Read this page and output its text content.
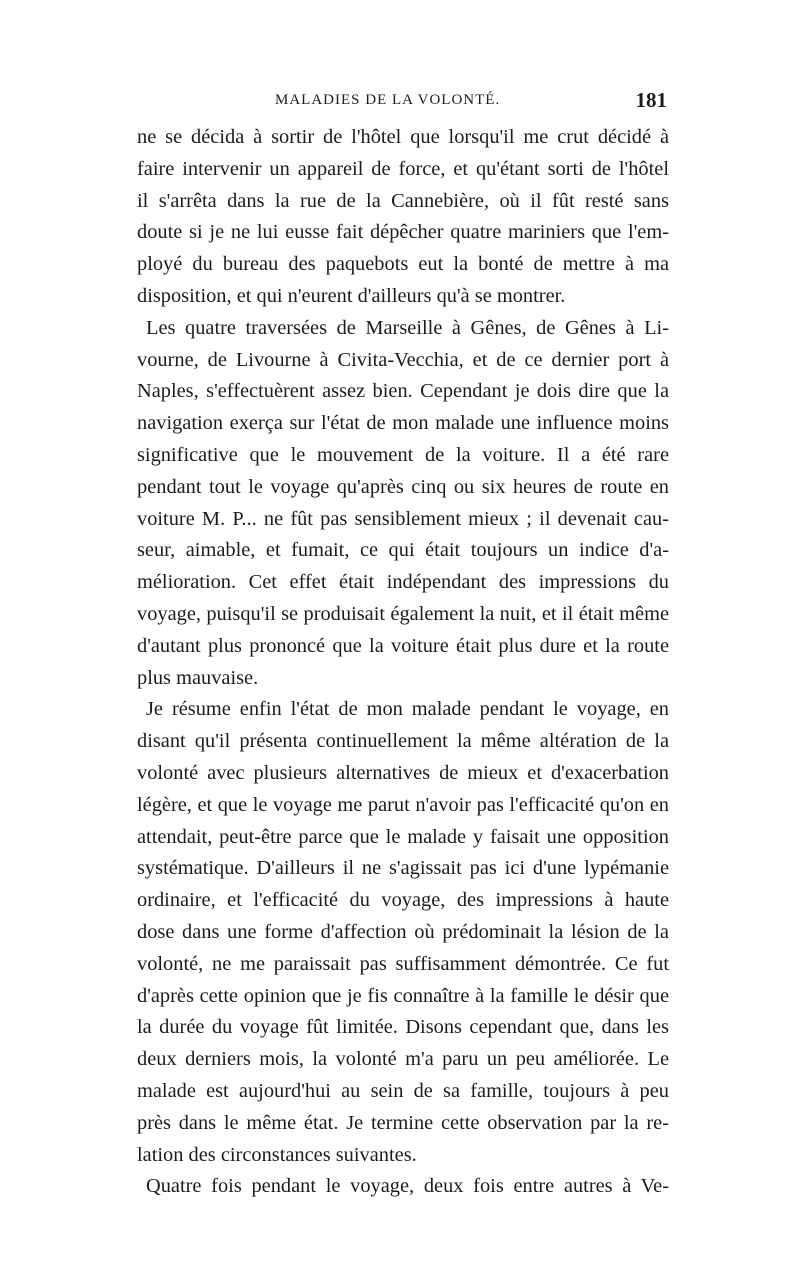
MALADIES DE LA VOLONTÉ.	181
ne se décida à sortir de l'hôtel que lorsqu'il me crut décidé à
faire intervenir un appareil de force, et qu'étant sorti de l'hôtel
il s'arrêta dans la rue de la Cannebière, où il fût resté sans
doute si je ne lui eusse fait dépêcher quatre mariniers que l'em-
ployé du bureau des paquebots eut la bonté de mettre à ma
disposition, et qui n'eurent d'ailleurs qu'à se montrer.
Les quatre traversées de Marseille à Gênes, de Gênes à Li-
vourne, de Livourne à Civita-Vecchia, et de ce dernier port à
Naples, s'effectuèrent assez bien. Cependant je dois dire que la
navigation exerça sur l'état de mon malade une influence moins
significative que le mouvement de la voiture. Il a été rare
pendant tout le voyage qu'après cinq ou six heures de route en
voiture M. P... ne fût pas sensiblement mieux ; il devenait cau-
seur, aimable, et fumait, ce qui était toujours un indice d'a-
mélioration. Cet effet était indépendant des impressions du
voyage, puisqu'il se produisait également la nuit, et il était même
d'autant plus prononcé que la voiture était plus dure et la route
plus mauvaise.
Je résume enfin l'état de mon malade pendant le voyage, en
disant qu'il présenta continuellement la même altération de la
volonté avec plusieurs alternatives de mieux et d'exacerbation
légère, et que le voyage me parut n'avoir pas l'efficacité qu'on en
attendait, peut-être parce que le malade y faisait une opposition
systématique. D'ailleurs il ne s'agissait pas ici d'une lypémanie
ordinaire, et l'efficacité du voyage, des impressions à haute
dose dans une forme d'affection où prédominait la lésion de la
volonté, ne me paraissait pas suffisamment démontrée. Ce fut
d'après cette opinion que je fis connaître à la famille le désir que
la durée du voyage fût limitée. Disons cependant que, dans les
deux derniers mois, la volonté m'a paru un peu améliorée. Le
malade est aujourd'hui au sein de sa famille, toujours à peu
près dans le même état. Je termine cette observation par la re-
lation des circonstances suivantes.
Quatre fois pendant le voyage, deux fois entre autres à Ve-
